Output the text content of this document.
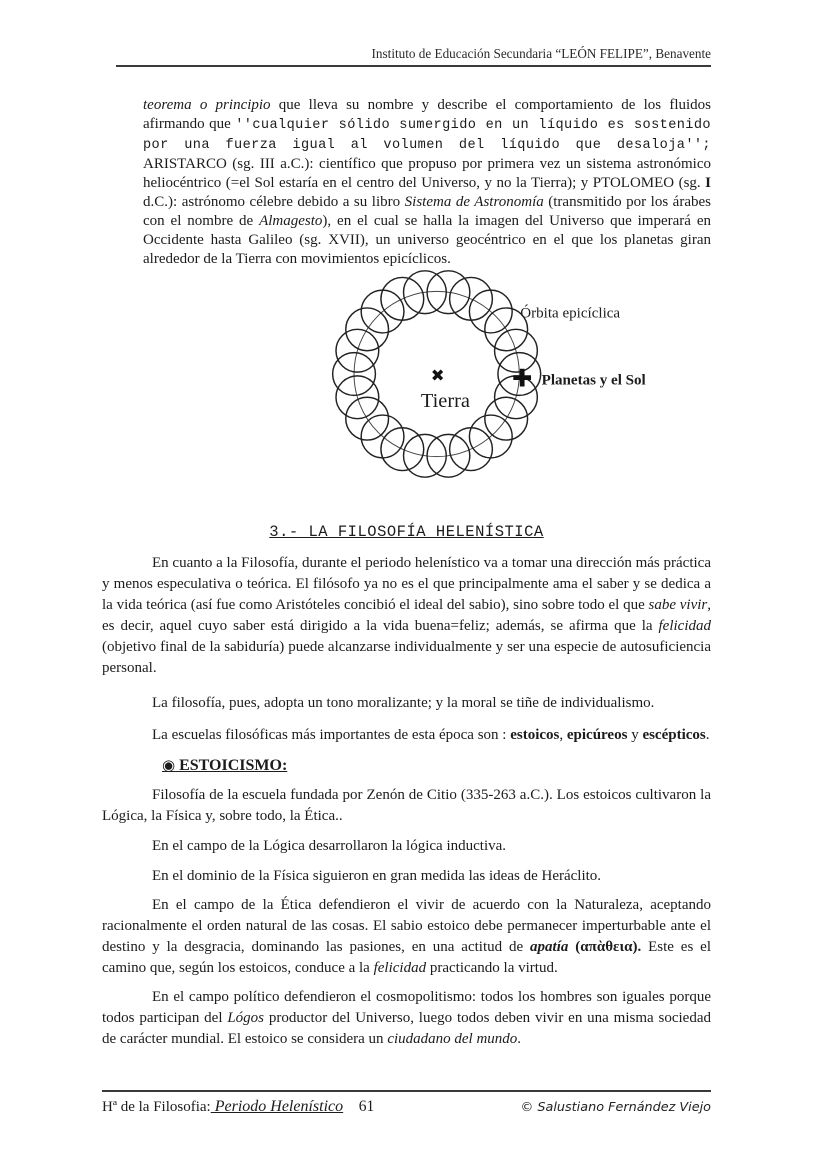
Instituto de Educación Secundaria “LEÓN FELIPE”, Benavente

teorema o principio que lleva su nombre y describe el comportamiento de los fluidos afirmando que ''cualquier sólido sumergido en un líquido es sostenido por una fuerza igual al volumen del líquido que desaloja''; ARISTARCO (sg. III a.C.): científico que propuso por primera vez un sistema astronómico heliocéntrico (=el Sol estaría en el centro del Universo, y no la Tierra); y PTOLOMEO (sg. I d.C.): astrónomo célebre debido a su libro Sistema de Astronomía (transmitido por los árabes con el nombre de Almagesto), en el cual se halla la imagen del Universo que imperará en Occidente hasta Galileo (sg. XVII), un universo geocéntrico en el que los planetas giran alrededor de la Tierra con movimientos epicíclicos.

✖
Tierra
✚ Planetas y el Sol
Órbita epicíclica
3.- LA FILOSOFÍA HELENÍSTICA

En cuanto a la Filosofía, durante el periodo helenístico va a tomar una dirección más práctica y menos especulativa o teórica. El filósofo ya no es el que principalmente ama el saber y se dedica a la vida teórica (así fue como Aristóteles concibió el ideal del sabio), sino sobre todo el que sabe vivir, es decir, aquel cuyo saber está dirigido a la vida buena=feliz; además, se afirma que la felicidad (objetivo final de la sabiduría) puede alcanzarse individualmente y ser una especie de autosuficiencia personal.

La filosofía, pues, adopta un tono moralizante; y la moral se tiñe de individualismo.

La escuelas filosóficas más importantes de esta época son : estoicos, epicúreos y escépticos.

◉ ESTOICISMO:

Filosofía de la escuela fundada por Zenón de Citio (335-263 a.C.). Los estoicos cultivaron la Lógica, la Física y, sobre todo, la Ética..

En el campo de la Lógica desarrollaron la lógica inductiva.

En el dominio de la Física siguieron en gran medida las ideas de Heráclito.

En el campo de la Ética defendieron el vivir de acuerdo con la Naturaleza, aceptando racionalmente el orden natural de las cosas. El sabio estoico debe permanecer imperturbable ante el destino y la desgracia, dominando las pasiones, en una actitud de apatía (απὰθεια). Este es el camino que, según los estoicos, conduce a la felicidad practicando la virtud.

En el campo político defendieron el cosmopolitismo: todos los hombres son iguales porque todos participan del Lógos productor del Universo, luego todos deben vivir en una misma sociedad de carácter mundial. El estoico se considera un ciudadano del mundo.

Hª de la Filosofia: Periodo Helenístico	61	© Salustiano Fernández Viejo
